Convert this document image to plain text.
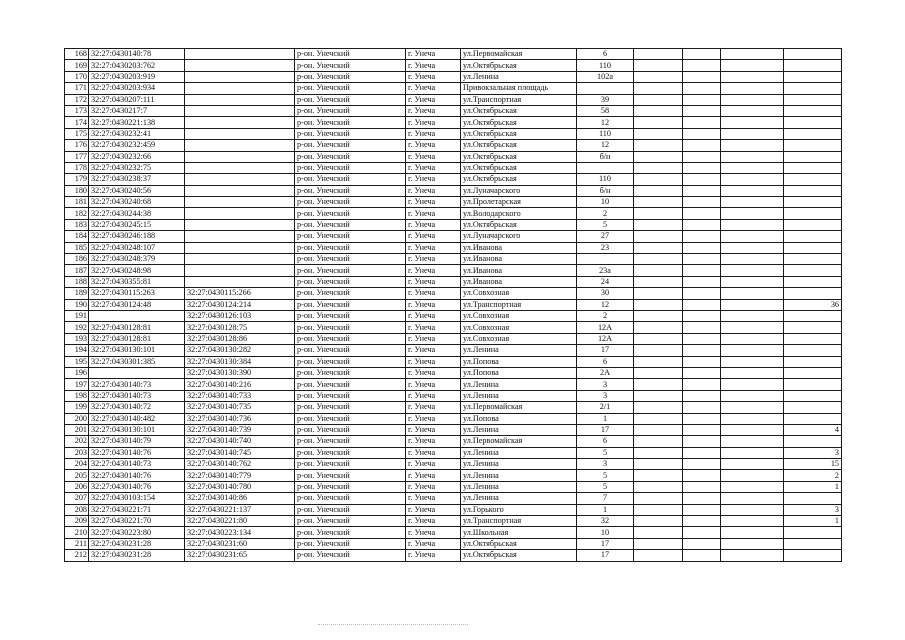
168	32:27:0430140:78		р-он. Унечский	г. Унеча	ул.Первомайская	6				
169	32:27:0430203:762		р-он. Унечский	г. Унеча	ул.Октябрьская	110				
170	32:27:0430203:919		р-он. Унечский	г. Унеча	ул.Ленина	102а				
171	32:27:0430203:934		р-он. Унечский	г. Унеча	Привокзальная площадь					
172	32:27:0430207:111		р-он. Унечский	г. Унеча	ул.Транспортная	39				
173	32:27:0430217:7		р-он. Унечский	г. Унеча	ул.Октябрьская	58				
174	32:27:0430221:138		р-он. Унечский	г. Унеча	ул.Октябрьская	12				
175	32:27:0430232:41		р-он. Унечский	г. Унеча	ул.Октябрьская	110				
176	32:27:0430232:459		р-он. Унечский	г. Унеча	ул.Октябрьская	12				
177	32:27:0430232:66		р-он. Унечский	г. Унеча	ул.Октябрьская	б/н				
178	32:27:0430232:75		р-он. Унечский	г. Унеча	ул.Октябрьская					
179	32:27:0430238:37		р-он. Унечский	г. Унеча	ул.Октябрьская	110				
180	32:27:0430240:56		р-он. Унечский	г. Унеча	ул.Луначарского	б/н				
181	32:27:0430240:68		р-он. Унечский	г. Унеча	ул.Пролетарская	10				
182	32:27:0430244:38		р-он. Унечский	г. Унеча	ул.Володарского	2				
183	32:27:0430245:15		р-он. Унечский	г. Унеча	ул.Октябрьская	5				
184	32:27:0430246:188		р-он. Унечский	г. Унеча	ул.Луначарского	27				
185	32:27:0430248:107		р-он. Унечский	г. Унеча	ул.Иванова	23				
186	32:27:0430248:379		р-он. Унечский	г. Унеча	ул.Иванова					
187	32:27:0430248:98		р-он. Унечский	г. Унеча	ул.Иванова	23а				
188	32:27:0430355:81		р-он. Унечский	г. Унеча	ул.Иванова	24				
189	32:27:0430115:263	32:27:0430115:266	р-он. Унечский	г. Унеча	ул.Совхозная	30				
190	32:27:0430124:48	32:27:0430124:214	р-он. Унечский	г. Унеча	ул.Транспортная	12				36
191		32:27:0430126:103	р-он. Унечский	г. Унеча	ул.Совхозная	2				
192	32:27:0430128:81	32:27:0430128:75	р-он. Унечский	г. Унеча	ул.Совхозная	12А				
193	32:27:0430128:81	32:27:0430128:86	р-он. Унечский	г. Унеча	ул.Совхозная	12А				
194	32:27:0430130:101	32:27:0430130:282	р-он. Унечский	г. Унеча	ул.Ленина	17				
195	32:27:0430301:385	32:27:0430130:384	р-он. Унечский	г. Унеча	ул.Попова	6				
196		32:27:0430130:390	р-он. Унечский	г. Унеча	ул.Попова	2А				
197	32:27:0430140:73	32:27:0430140:216	р-он. Унечский	г. Унеча	ул.Ленина	3				
198	32:27:0430140:73	32:27:0430140:733	р-он. Унечский	г. Унеча	ул.Ленина	3				
199	32:27:0430140:72	32:27:0430140:735	р-он. Унечский	г. Унеча	ул.Первомайская	2/1				
200	32:27:0430140:482	32:27:0430140:736	р-он. Унечский	г. Унеча	ул.Попова	1				
201	32:27:0430130:101	32:27:0430140:739	р-он. Унечский	г. Унеча	ул.Ленина	17				4
202	32:27:0430140:79	32:27:0430140:740	р-он. Унечский	г. Унеча	ул.Первомайская	6				
203	32:27:0430140:76	32:27:0430140:745	р-он. Унечский	г. Унеча	ул.Ленина	5				3
204	32:27:0430140:73	32:27:0430140:762	р-он. Унечский	г. Унеча	ул.Ленина	3				15
205	32:27:0430140:76	32:27:0430140:779	р-он. Унечский	г. Унеча	ул.Ленина	5				2
206	32:27:0430140:76	32:27:0430140:780	р-он. Унечский	г. Унеча	ул.Ленина	5				1
207	32:27:0430103:154	32:27:0430140:86	р-он. Унечский	г. Унеча	ул.Ленина	7				
208	32:27:0430221:71	32:27:0430221:137	р-он. Унечский	г. Унеча	ул.Горького	1				3
209	32:27:0430221:70	32:27:0430221:80	р-он. Унечский	г. Унеча	ул.Транспортная	32				1
210	32:27:0430223:80	32:27:0430223:134	р-он. Унечский	г. Унеча	ул.Школьная	10				
211	32:27:0430231:28	32:27:0430231:60	р-он. Унечский	г. Унеча	ул.Октябрьская	17				
212	32:27:0430231:28	32:27:0430231:65	р-он. Унечский	г. Унеча	ул.Октябрьская	17				
